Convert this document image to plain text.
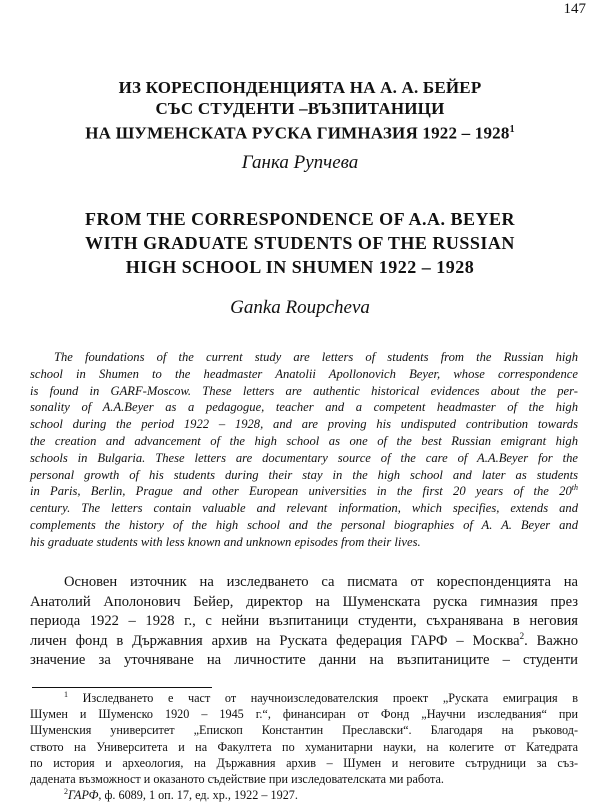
147
ИЗ КОРЕСПОНДЕНЦИЯТА НА А. А. БЕЙЕР
СЪС СТУДЕНТИ –ВЪЗПИТАНИЦИ
НА ШУМЕНСКАТА РУСКА ГИМНАЗИЯ 1922 – 1928$^1$
Ганка Рупчева
FROM THE CORRESPONDENCE OF A.A. BEYER
WITH GRADUATE STUDENTS OF THE RUSSIAN
HIGH SCHOOL IN SHUMEN 1922 – 1928
Ganka Roupcheva
The foundations of the current study are letters of students from the Russian high
school in Shumen to the headmaster Anatolii Apollonovich Beyer, whose correspondence
is found in GARF-Moscow. These letters are authentic historical evidences about the per-
sonality of A.A.Beyer as a pedagogue, teacher and a competent headmaster of the high
school during the period 1922 – 1928, and are proving his undisputed contribution towards
the creation and advancement of the high school as one of the best Russian emigrant high
schools in Bulgaria. These letters are documentary source of the care of A.A.Beyer for the
personal growth of his students during their stay in the high school and later as students
in Paris, Berlin, Prague and other European universities in the first 20 years of the 20th
century. The letters contain valuable and relevant information, which specifies, extends and
complements the history of the high school and the personal biographies of A. A. Beyer and
his graduate students with less known and unknown episodes from their lives.
Основен източник на изследването са писмата от кореспонденцията на
Анатолий Аполонович Бейер, директор на Шуменската руска гимназия през
периода 1922 – 1928 г., с нейни възпитаници студенти, съхранявана в неговия
личен фонд в Държавния архив на Руската федерация ГАРФ – Москва$^2$. Важно
значение за уточняване на личностите данни на възпитаниците – студенти
$^1$ Изследването е част от научноизследователския проект „Руската емиграция в
Шумен и Шуменско 1920 – 1945 г.“, финансиран от Фонд „Научни изследвания“ при
Шуменския университет „Епископ Константин Преславски“. Благодаря на ръковод-
ството на Университета и на Факултета по хуманитарни науки, на колегите от Катедрата
по история и археология, на Държавния архив – Шумен и неговите сътрудници за съз-
дадената възможност и оказаното съдействие при изследователската ми работа.
$^2$ГАРФ, ф. 6089, 1 оп. 17, ед. хр., 1922 – 1927.
